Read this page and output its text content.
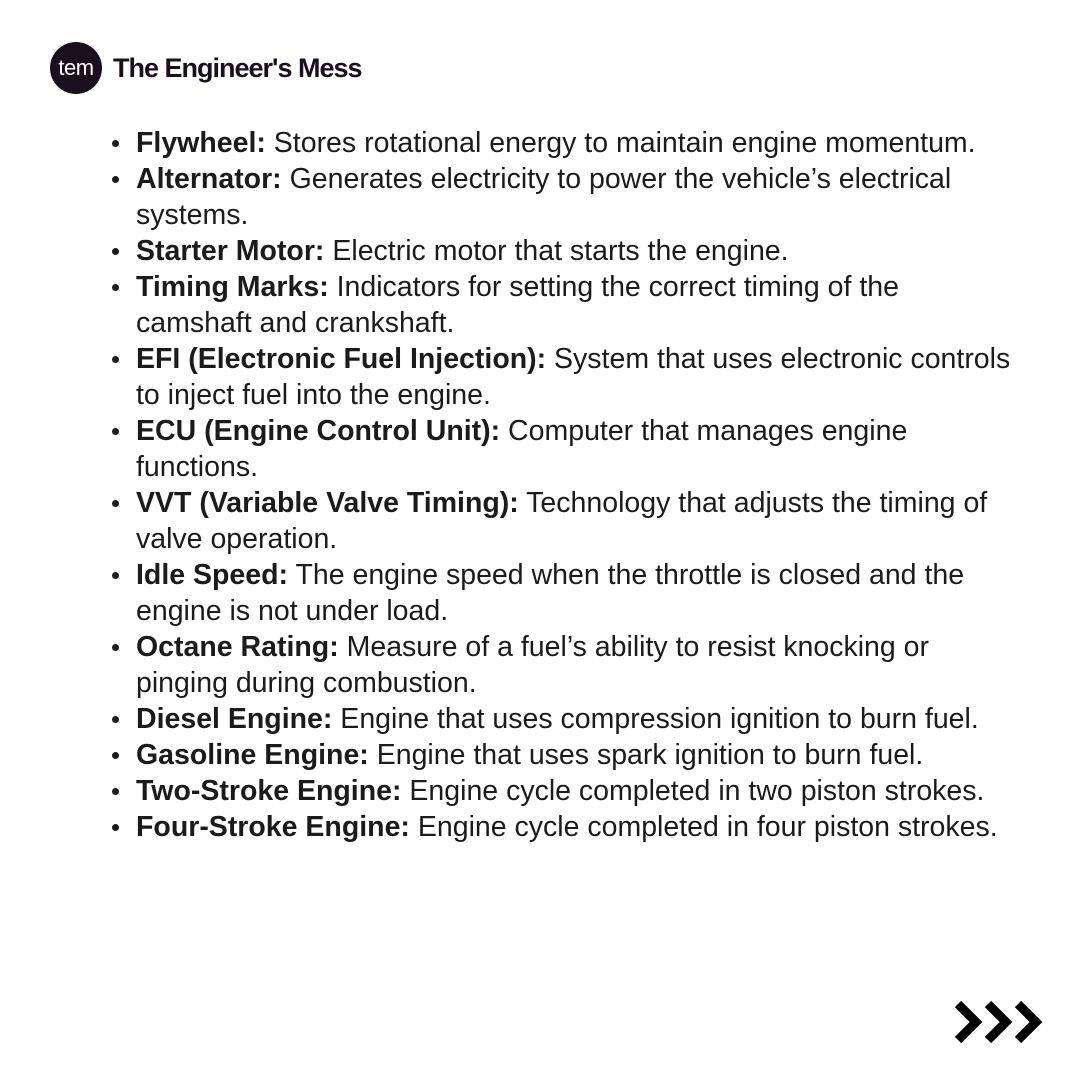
tem The Engineer's Mess
Flywheel: Stores rotational energy to maintain engine momentum.
Alternator: Generates electricity to power the vehicle’s electrical systems.
Starter Motor: Electric motor that starts the engine.
Timing Marks: Indicators for setting the correct timing of the camshaft and crankshaft.
EFI (Electronic Fuel Injection): System that uses electronic controls to inject fuel into the engine.
ECU (Engine Control Unit): Computer that manages engine functions.
VVT (Variable Valve Timing): Technology that adjusts the timing of valve operation.
Idle Speed: The engine speed when the throttle is closed and the engine is not under load.
Octane Rating: Measure of a fuel’s ability to resist knocking or pinging during combustion.
Diesel Engine: Engine that uses compression ignition to burn fuel.
Gasoline Engine: Engine that uses spark ignition to burn fuel.
Two-Stroke Engine: Engine cycle completed in two piston strokes.
Four-Stroke Engine: Engine cycle completed in four piston strokes.
